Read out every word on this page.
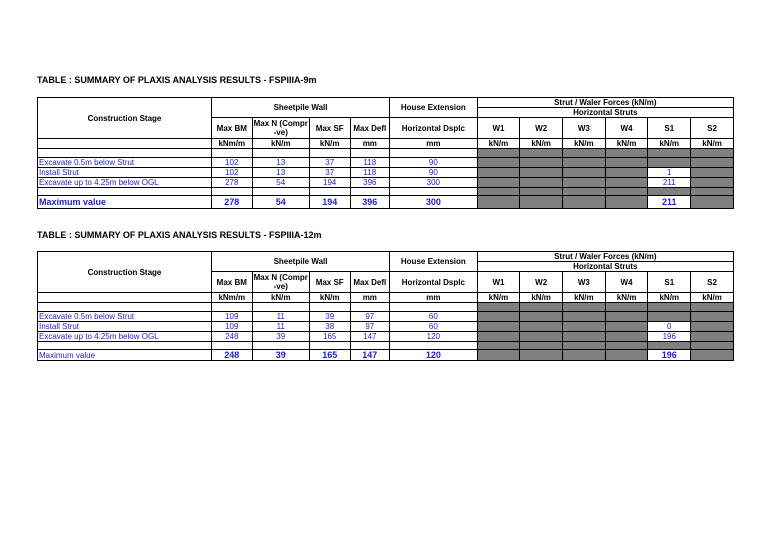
TABLE : SUMMARY OF PLAXIS ANALYSIS RESULTS - FSPIIIA-9m
Construction Stage	Sheetpile Wall				House Extension	Strut / Waler Forces (kN/m)					
						Horizontal Struts					
	Max BM	Max N (Compr -ve)	Max SF	Max Defl	Horizontal Dsplc	W1	W2	W3	W4	S1	S2
	kNm/m	kN/m	kN/m	mm	mm	kN/m	kN/m	kN/m	kN/m	kN/m	kN/m

Excavate 0.5m below Strut	102	13	37	118	90						
Install Strut	102	13	37	118	90					1	
Excavate up to 4.25m below OGL	278	54	194	396	300					211	

Maximum value	278	54	194	396	300					211	
TABLE : SUMMARY OF PLAXIS ANALYSIS RESULTS - FSPIIIA-12m
Construction Stage	Sheetpile Wall				House Extension	Strut / Waler Forces (kN/m)					
						Horizontal Struts					
	Max BM	Max N (Compr -ve)	Max SF	Max Defl	Horizontal Dsplc	W1	W2	W3	W4	S1	S2
	kNm/m	kN/m	kN/m	mm	mm	kN/m	kN/m	kN/m	kN/m	kN/m	kN/m

Excavate 0.5m below Strut	109	11	39	97	60						
Install Strut	109	11	38	97	60					0	
Excavate up to 4.25m below OGL	248	39	165	147	120					196	

Maximum value	248	39	165	147	120					196	
